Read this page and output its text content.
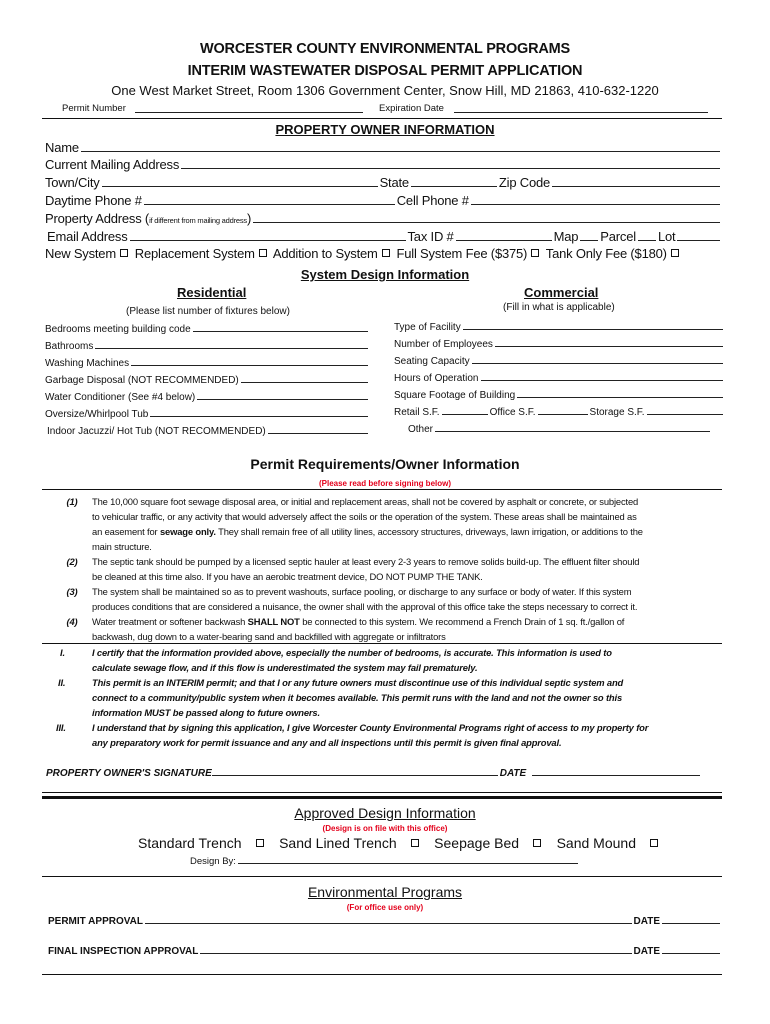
WORCESTER COUNTY ENVIRONMENTAL PROGRAMS
INTERIM WASTEWATER DISPOSAL PERMIT APPLICATION
One West Market Street, Room 1306 Government Center, Snow Hill, MD 21863, 410-632-1220
Permit Number	Expiration Date
PROPERTY OWNER INFORMATION
Name
Current Mailing Address
Town/City	State	Zip Code
Daytime Phone #	Cell Phone #
Property Address ( if different from mailing address )
Email Address	Tax ID #	Map Parcel Lot
New System Replacement System Addition to System Full System Fee ($375) Tank Only Fee ($180)
System Design Information
Residential	Commercial
(Please list number of fixtures below)	(Fill in what is applicable)
Bedrooms meeting building code
Bathrooms
Washing Machines
Garbage Disposal (NOT RECOMMENDED)
Water Conditioner (See #4 below)
Oversize/Whirlpool Tub
Indoor Jacuzzi/ Hot Tub (NOT RECOMMENDED)
Type of Facility
Number of Employees
Seating Capacity
Hours of Operation
Square Footage of Building
Retail S.F.	Office S.F.	Storage S.F.
Other
Permit Requirements/Owner Information
(Please read before signing below)
(1) The 10,000 square foot sewage disposal area, or initial and replacement areas, shall not be covered by asphalt or concrete, or subjected
to vehicular traffic, or any activity that would adversely affect the soils or the operation of the system. These areas shall be maintained as
an easement for sewage only. They shall remain free of all utility lines, accessory structures, driveways, lawn irrigation, or additions to the
main structure.
(2) The septic tank should be pumped by a licensed septic hauler at least every 2-3 years to remove solids build-up. The effluent filter should
be cleaned at this time also. If you have an aerobic treatment device, DO NOT PUMP THE TANK.
(3) The system shall be maintained so as to prevent washouts, surface pooling, or discharge to any surface or body of water. If this system
produces conditions that are considered a nuisance, the owner shall with the approval of this office take the steps necessary to correct it.
(4) Water treatment or softener backwash SHALL NOT be connected to this system. We recommend a French Drain of 1 sq. ft./gallon of
backwash, dug down to a water-bearing sand and backfilled with aggregate or infiltrators
I.	I certify that the information provided above, especially the number of bedrooms, is accurate. This information is used to
calculate sewage flow, and if this flow is underestimated the system may fail prematurely.
II.	This permit is an INTERIM permit; and that I or any future owners must discontinue use of this individual septic system and
connect to a community/public system when it becomes available. This permit runs with the land and not the owner so this
information MUST be passed along to future owners.
III.	I understand that by signing this application, I give Worcester County Environmental Programs right of access to my property for
any preparatory work for permit issuance and any and all inspections until this permit is given final approval.
PROPERTY OWNER'S SIGNATURE	DATE
Approved Design Information
(Design is on file with this office)
Standard Trench	Sand Lined Trench	Seepage Bed	Sand Mound
Design By:
Environmental Programs
(For office use only)
PERMIT APPROVAL	DATE
FINAL INSPECTION APPROVAL	DATE
